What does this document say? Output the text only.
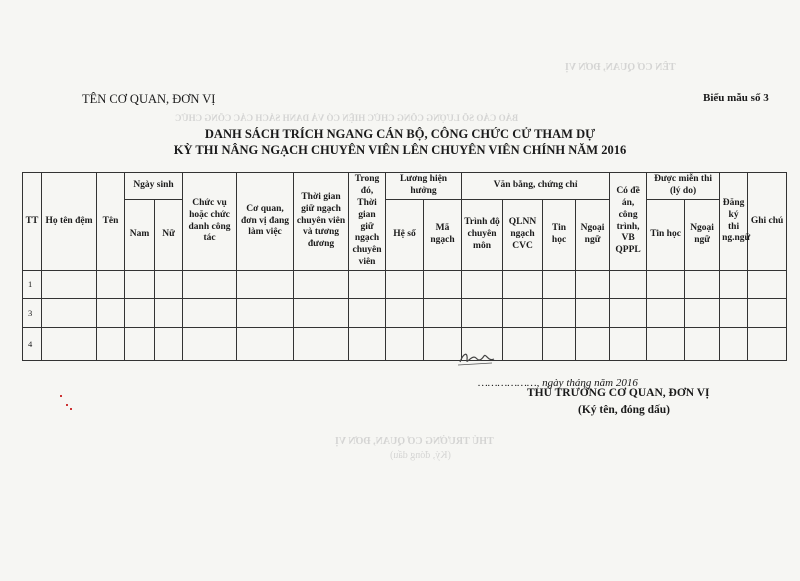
TÊN CƠ QUAN, ĐƠN VỊ
BÁO CÁO SỐ LƯỢNG CÔNG CHỨC HIỆN CÓ VÀ DANH SÁCH CÁC CÔNG CHỨC
THỦ TRƯỞNG CƠ QUAN, ĐƠN VỊ
(Ký, đóng dấu)
TÊN CƠ QUAN, ĐƠN VỊ	Biểu mẫu số 3
DANH SÁCH TRÍCH NGANG CÁN BỘ, CÔNG CHỨC CỬ THAM DỰ
KỲ THI NÂNG NGẠCH CHUYÊN VIÊN LÊN CHUYÊN VIÊN CHÍNH NĂM 2016
TT	Họ tên đệm	Tên	Ngày sinh		Chức vụ hoặc chức danh công tác	Cơ quan, đơn vị đang làm việc	Thời gian giữ ngạch chuyên viên và tương đương	Trong đó, Thời gian giữ ngạch chuyên viên	Lương hiện hưởng		Văn bằng, chứng chỉ				Có đề án, công trình, VB QPPL	Được miễn thi (lý do)		Đăng ký thi ng.ngữ	Ghi chú
			Nam	Nữ					Hệ số	Mã ngạch	Trình độ chuyên môn	QLNN ngạch CVC	Tin học	Ngoại ngữ		Tin học	Ngoại ngữ		

1																			
3																			
4																			
………………, ngày tháng năm 2016
THỦ TRƯỞNG CƠ QUAN, ĐƠN VỊ
(Ký tên, đóng dấu)
